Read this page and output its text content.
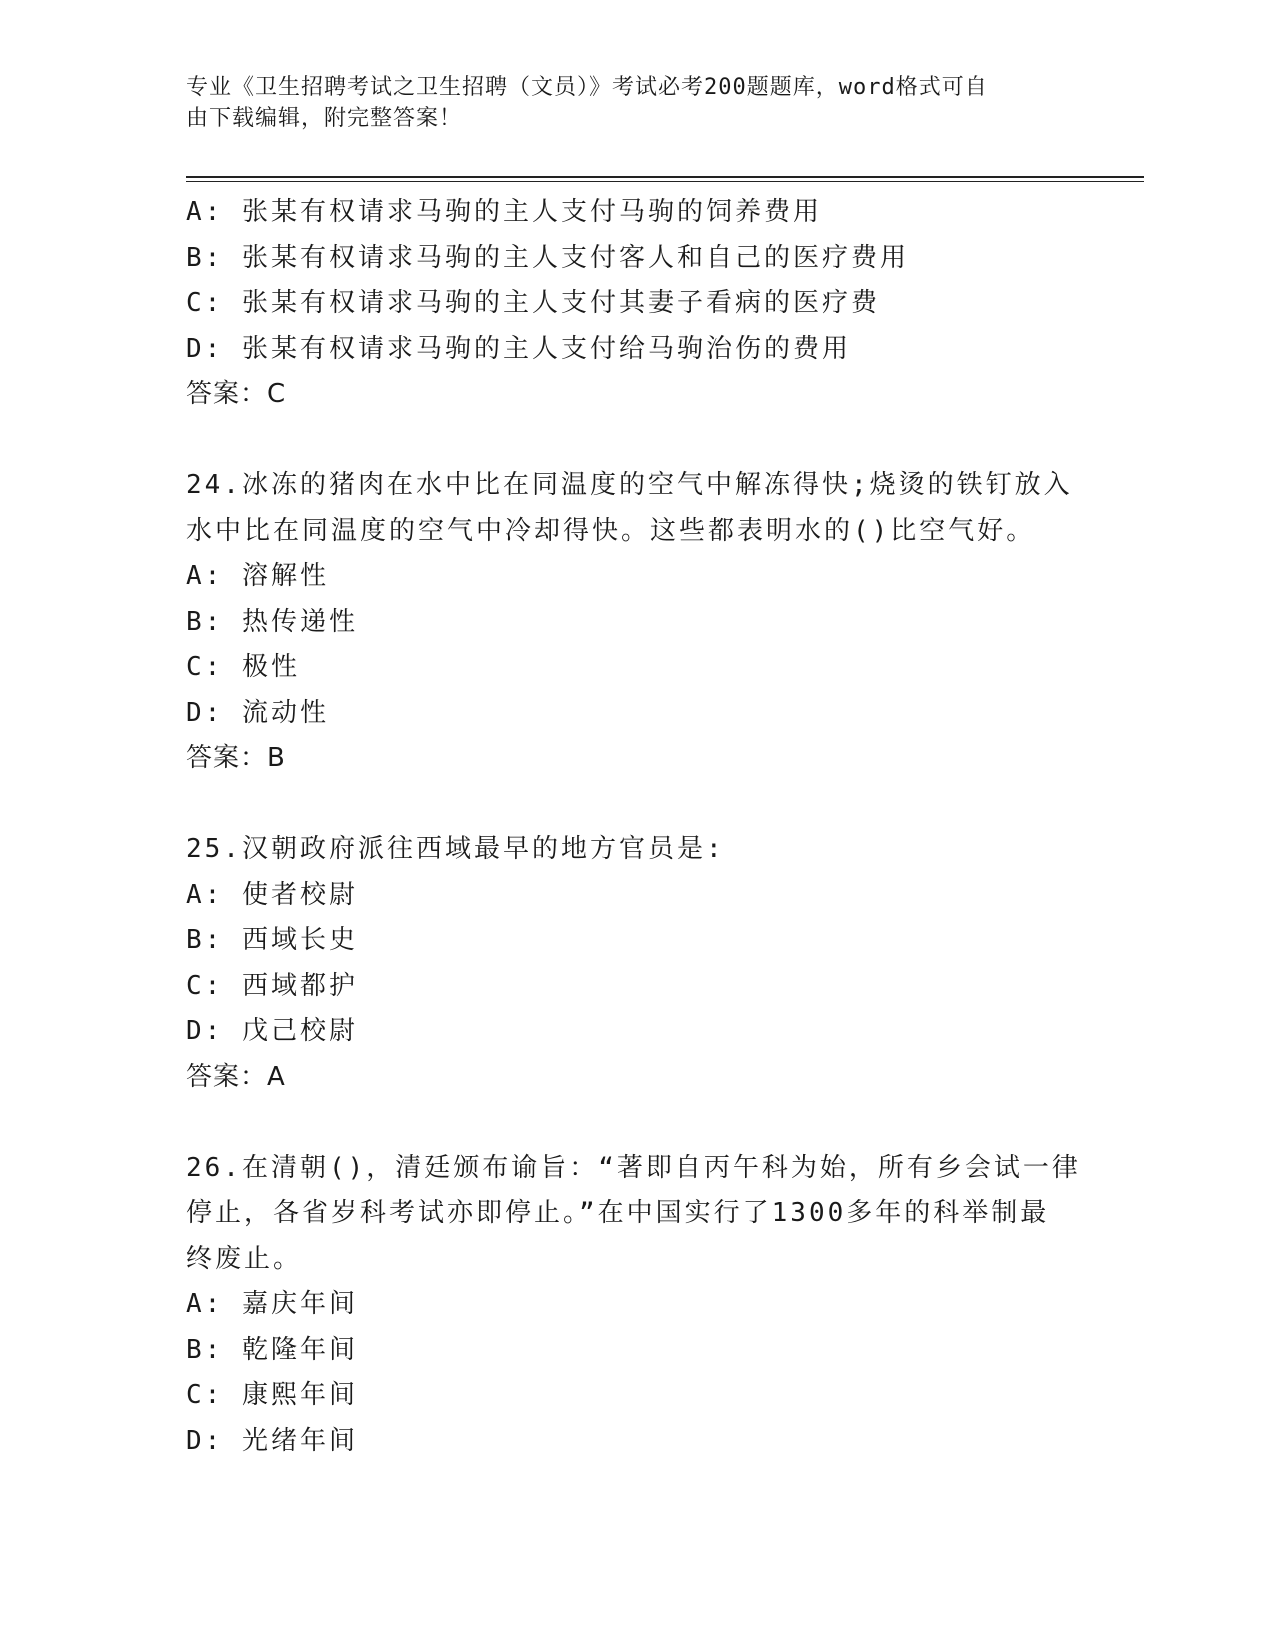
专业《卫生招聘考试之卫生招聘（文员）》考试必考200题题库，word格式可自
由下载编辑，附完整答案！
A: 张某有权请求马驹的主人支付马驹的饲养费用
B: 张某有权请求马驹的主人支付客人和自己的医疗费用
C: 张某有权请求马驹的主人支付其妻子看病的医疗费
D: 张某有权请求马驹的主人支付给马驹治伤的费用
答案：C
24.冰冻的猪肉在水中比在同温度的空气中解冻得快;烧烫的铁钉放入
水中比在同温度的空气中冷却得快。这些都表明水的()比空气好。
A: 溶解性
B: 热传递性
C: 极性
D: 流动性
答案：B
25.汉朝政府派往西域最早的地方官员是:
A: 使者校尉
B: 西域长史
C: 西域都护
D: 戊己校尉
答案：A
26.在清朝()，清廷颁布谕旨：“著即自丙午科为始，所有乡会试一律
停止，各省岁科考试亦即停止。”在中国实行了1300多年的科举制最
终废止。
A: 嘉庆年间
B: 乾隆年间
C: 康熙年间
D: 光绪年间
